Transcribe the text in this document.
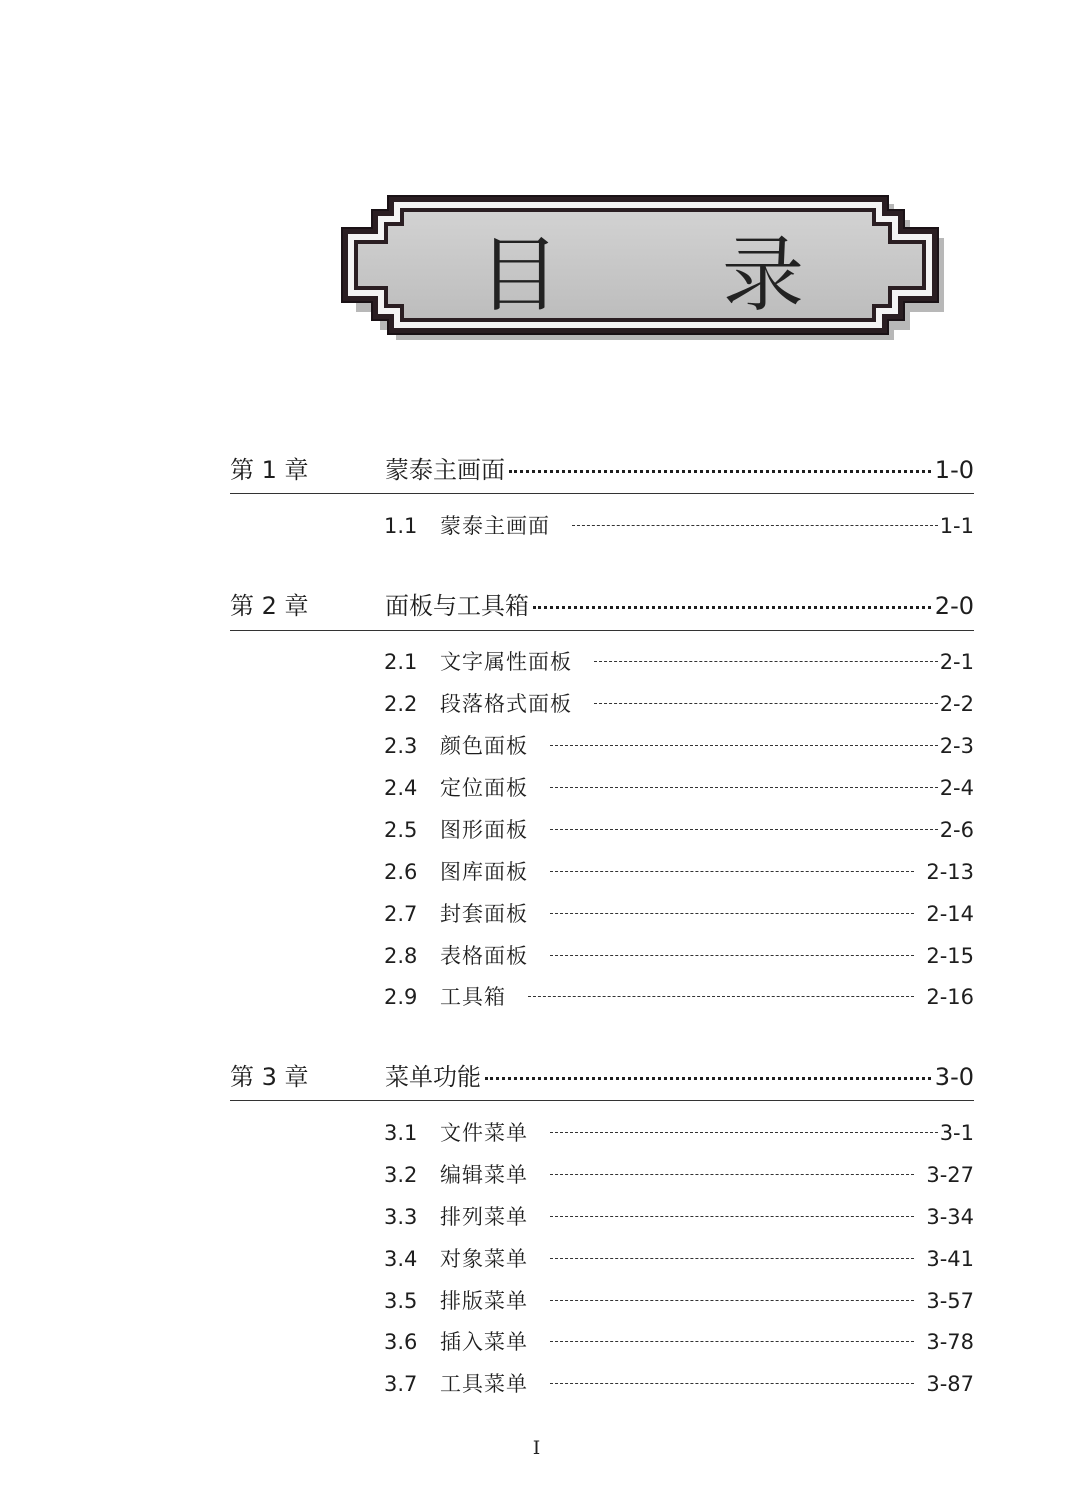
目 录
第 1 章	蒙泰主画面	1-0
1.1	蒙泰主画面	1-1
第 2 章	面板与工具箱	2-0
2.1	文字属性面板	2-1
2.2	段落格式面板	2-2
2.3	颜色面板	2-3
2.4	定位面板	2-4
2.5	图形面板	2-6
2.6	图库面板	2-13
2.7	封套面板	2-14
2.8	表格面板	2-15
2.9	工具箱	2-16
第 3 章	菜单功能	3-0
3.1	文件菜单	3-1
3.2	编辑菜单	3-27
3.3	排列菜单	3-34
3.4	对象菜单	3-41
3.5	排版菜单	3-57
3.6	插入菜单	3-78
3.7	工具菜单	3-87
I
